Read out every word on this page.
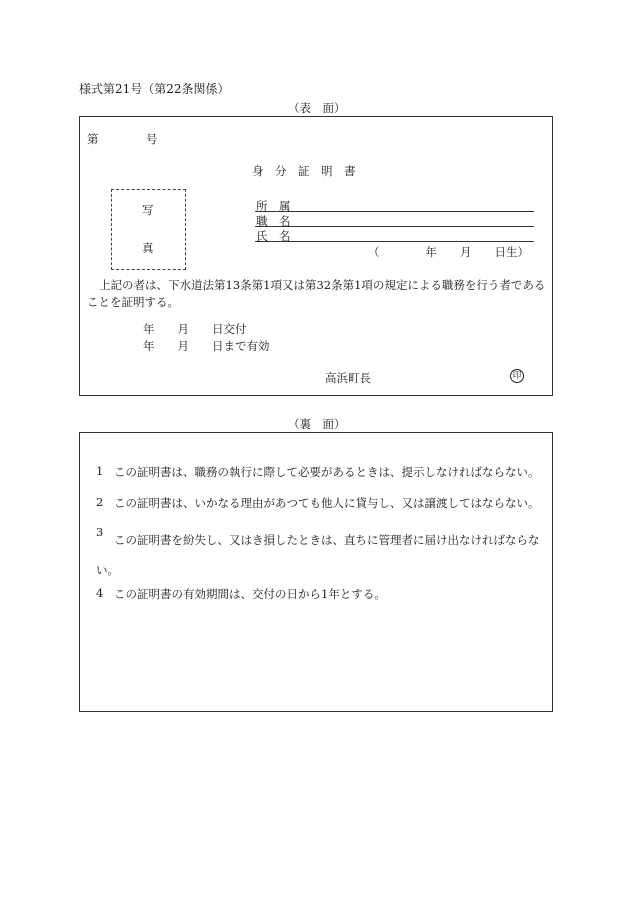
様式第21号（第22条関係）
（表　面）
第	号
身　分　証　明　書
写
真
所　属
職　名
氏　名
（　　　　年　　月　　日生）
上記の者は、下水道法第13条第1項又は第32条第1項の規定による職務を行う者であることを証明する。
年　　月　　日交付
年　　月　　日まで有効
高浜町長	印
（裏　面）
1 この証明書は、職務の執行に際して必要があるときは、提示しなければならない。
2 この証明書は、いかなる理由があつても他人に貸与し、又は譲渡してはならない。
3
この証明書を紛失し、又はき損したときは、直ちに管理者に届け出なければならない。
4 この証明書の有効期間は、交付の日から1年とする。
